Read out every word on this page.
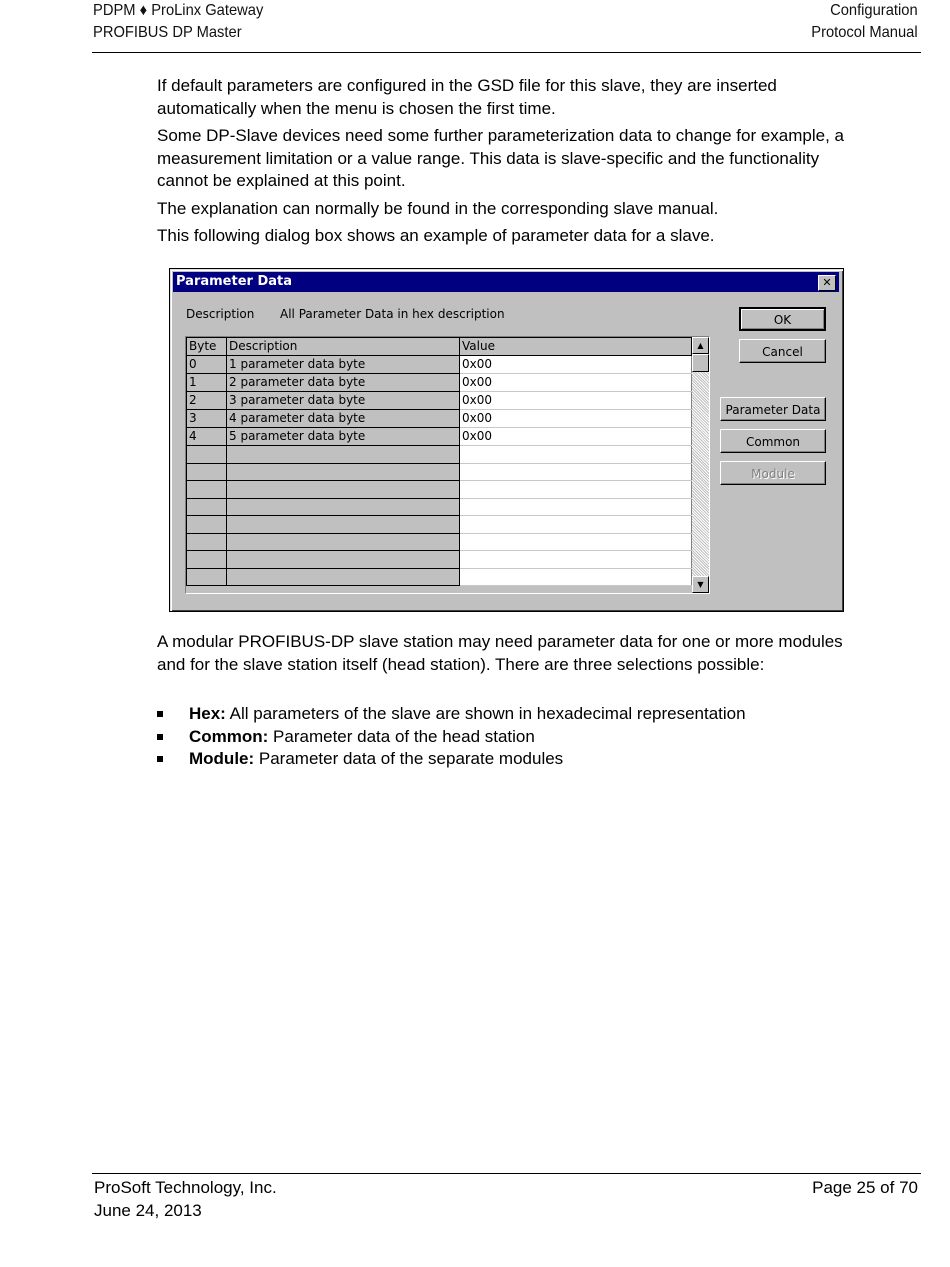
PDPM ♦ ProLinx Gateway
PROFIBUS DP Master
Configuration
Protocol Manual

If default parameters are configured in the GSD file for this slave, they are inserted automatically when the menu is chosen the first time.

Some DP-Slave devices need some further parameterization data to change for example, a measurement limitation or a value range. This data is slave-specific and the functionality cannot be explained at this point.

The explanation can normally be found in the corresponding slave manual.

This following dialog box shows an example of parameter data for a slave.

Parameter Data	✕
Description All Parameter Data in hex description
Byte	Description	Value
0	1 parameter data byte	0x00
1	2 parameter data byte	0x00
2	3 parameter data byte	0x00
3	4 parameter data byte	0x00
4	5 parameter data byte	0x00

▲
▼
OK
Cancel
Parameter Data
Common
Module

A modular PROFIBUS-DP slave station may need parameter data for one or more modules and for the slave station itself (head station). There are three selections possible:

Hex: All parameters of the slave are shown in hexadecimal representation
Common: Parameter data of the head station
Module: Parameter data of the separate modules
ProSoft Technology, Inc.
June 24, 2013
Page 25 of 70
